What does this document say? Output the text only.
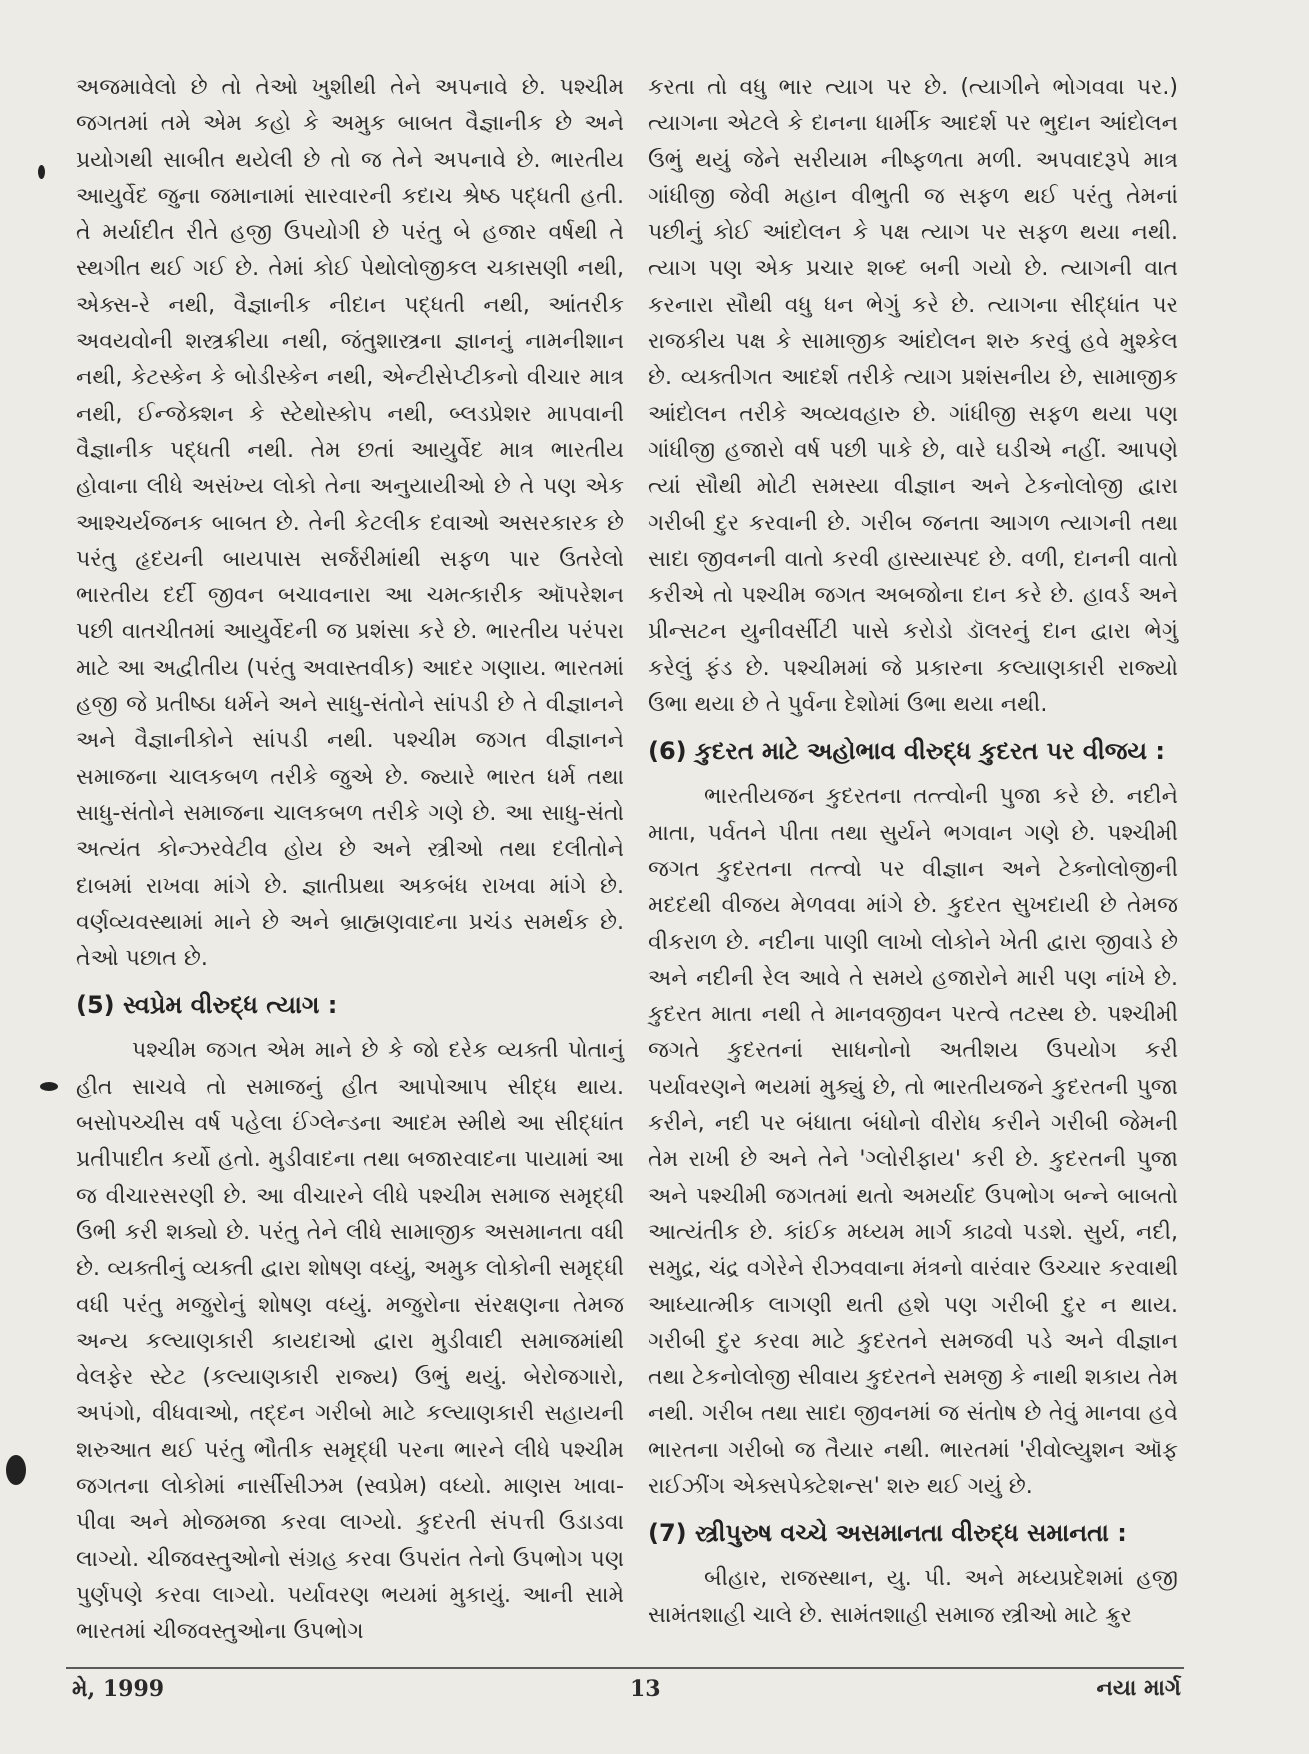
અજમાવેલો છે તો તેઓ ખુશીથી તેને અપનાવે છે. પશ્ચીમ જગતમાં તમે એમ કહો કે અમુક બાબત વૈજ્ઞાનીક છે અને પ્રયોગથી સાબીત થયેલી છે તો જ તેને અપનાવે છે. ભારતીય આયુર્વેદ જુના જમાનામાં સારવારની કદાચ શ્રેષ્ઠ પદ્ધતી હતી. તે મર્યાદીત રીતે હજી ઉપયોગી છે પરંતુ બે હજાર વર્ષથી તે સ્થગીત થઈ ગઈ છે. તેમાં કોઈ પેથોલોજીકલ ચકાસણી નથી, એક્સ-રે નથી, વૈજ્ઞાનીક નીદાન પદ્ધતી નથી, આંતરીક અવયવોની શસ્ત્રક્રીયા નથી, જંતુશાસ્ત્રના જ્ઞાનનું નામનીશાન નથી, કેટસ્કેન કે બોડીસ્કેન નથી, એન્ટીસેપ્ટીકનો વીચાર માત્ર નથી, ઈન્જેક્શન કે સ્ટેથોસ્કોપ નથી, બ્લડપ્રેશર માપવાની વૈજ્ઞાનીક પદ્ધતી નથી. તેમ છતાં આયુર્વેદ માત્ર ભારતીય હોવાના લીધે અસંખ્ય લોકો તેના અનુયાયીઓ છે તે પણ એક આશ્ચર્યજનક બાબત છે. તેની કેટલીક દવાઓ અસરકારક છે પરંતુ હૃદયની બાયપાસ સર્જરીમાંથી સફળ પાર ઉતરેલો ભારતીય દર્દી જીવન બચાવનારા આ ચમત્કારીક ઑપરેશન પછી વાતચીતમાં આયુર્વેદની જ પ્રશંસા કરે છે. ભારતીય પરંપરા માટે આ અદ્વીતીય (પરંતુ અવાસ્તવીક) આદર ગણાય. ભારતમાં હજી જે પ્રતીષ્ઠા ધર્મને અને સાધુ-સંતોને સાંપડી છે તે વીજ્ઞાનને અને વૈજ્ઞાનીકોને સાંપડી નથી. પશ્ચીમ જગત વીજ્ઞાનને સમાજના ચાલકબળ તરીકે જુએ છે. જ્યારે ભારત ધર્મ તથા સાધુ-સંતોને સમાજના ચાલકબળ તરીકે ગણે છે. આ સાધુ-સંતો અત્યંત કોન્ઝરવેટીવ હોય છે અને સ્ત્રીઓ તથા દલીતોને દાબમાં રાખવા માંગે છે. જ્ઞાતીપ્રથા અકબંધ રાખવા માંગે છે. વર્ણવ્યવસ્થામાં માને છે અને બ્રાહ્મણવાદના પ્રચંડ સમર્થક છે. તેઓ પછાત છે.

(5) સ્વપ્રેમ વીરુદ્ધ ત્યાગ :

પશ્ચીમ જગત એમ માને છે કે જો દરેક વ્યક્તી પોતાનું હીત સાચવે તો સમાજનું હીત આપોઆપ સીદ્ધ થાય. બસોપચ્ચીસ વર્ષ પહેલા ઈંગ્લેન્ડના આદમ સ્મીથે આ સીદ્ધાંત પ્રતીપાદીત કર્યો હતો. મુડીવાદના તથા બજારવાદના પાયામાં આ જ વીચારસરણી છે. આ વીચારને લીધે પશ્ચીમ સમાજ સમૃદ્ધી ઉભી કરી શક્યો છે. પરંતુ તેને લીધે સામાજીક અસમાનતા વધી છે. વ્યક્તીનું વ્યક્તી દ્વારા શોષણ વધ્યું, અમુક લોકોની સમૃદ્ધી વધી પરંતુ મજુરોનું શોષણ વધ્યું. મજુરોના સંરક્ષણના તેમજ અન્ય કલ્યાણકારી કાયદાઓ દ્વારા મુડીવાદી સમાજમાંથી વેલફેર સ્ટેટ (કલ્યાણકારી રાજ્ય) ઉભું થયું. બેરોજગારો, અપંગો, વીધવાઓ, તદ્દન ગરીબો માટે કલ્યાણકારી સહાયની શરુઆત થઈ પરંતુ ભૌતીક સમૃદ્ધી પરના ભારને લીધે પશ્ચીમ જગતના લોકોમાં નાર્સીસીઝમ (સ્વપ્રેમ) વધ્યો. માણસ ખાવા-પીવા અને મોજમજા કરવા લાગ્યો. કુદરતી સંપત્તી ઉડાડવા લાગ્યો. ચીજવસ્તુઓનો સંગ્રહ કરવા ઉપરાંત તેનો ઉપભોગ પણ પુર્ણપણે કરવા લાગ્યો. પર્યાવરણ ભયમાં મુકાયું. આની સામે ભારતમાં ચીજવસ્તુઓના ઉપભોગ

કરતા તો વધુ ભાર ત્યાગ પર છે. (ત્યાગીને ભોગવવા પર.) ત્યાગના એટલે કે દાનના ધાર્મીક આદર્શ પર ભુદાન આંદોલન ઉભું થયું જેને સરીયામ નીષ્ફળતા મળી. અપવાદરૂપે માત્ર ગાંધીજી જેવી મહાન વીભુતી જ સફળ થઈ પરંતુ તેમનાં પછીનું કોઈ આંદોલન કે પક્ષ ત્યાગ પર સફળ થયા નથી. ત્યાગ પણ એક પ્રચાર શબ્દ બની ગયો છે. ત્યાગની વાત કરનારા સૌથી વધુ ધન ભેગું કરે છે. ત્યાગના સીદ્ધાંત પર રાજકીય પક્ષ કે સામાજીક આંદોલન શરુ કરવું હવે મુશ્કેલ છે. વ્યક્તીગત આદર્શ તરીકે ત્યાગ પ્રશંસનીય છે, સામાજીક આંદોલન તરીકે અવ્યવહારુ છે. ગાંધીજી સફળ થયા પણ ગાંધીજી હજારો વર્ષ પછી પાકે છે, વારે ઘડીએ નહીં. આપણે ત્યાં સૌથી મોટી સમસ્યા વીજ્ઞાન અને ટેકનોલોજી દ્વારા ગરીબી દુર કરવાની છે. ગરીબ જનતા આગળ ત્યાગની તથા સાદા જીવનની વાતો કરવી હાસ્યાસ્પદ છે. વળી, દાનની વાતો કરીએ તો પશ્ચીમ જગત અબજોના દાન કરે છે. હાવર્ડ અને પ્રીન્સટન યુનીવર્સીટી પાસે કરોડો ડૉલરનું દાન દ્વારા ભેગું કરેલું ફંડ છે. પશ્ચીમમાં જે પ્રકારના કલ્યાણકારી રાજ્યો ઉભા થયા છે તે પુર્વના દેશોમાં ઉભા થયા નથી.

(6) કુદરત માટે અહોભાવ વીરુદ્ધ કુદરત પર વીજય :

ભારતીયજન કુદરતના તત્ત્વોની પુજા કરે છે. નદીને માતા, પર્વતને પીતા તથા સુર્યને ભગવાન ગણે છે. પશ્ચીમી જગત કુદરતના તત્ત્વો પર વીજ્ઞાન અને ટેક્નોલોજીની મદદથી વીજય મેળવવા માંગે છે. કુદરત સુખદાયી છે તેમજ વીકરાળ છે. નદીના પાણી લાખો લોકોને ખેતી દ્વારા જીવાડે છે અને નદીની રેલ આવે તે સમયે હજારોને મારી પણ નાંખે છે. કુદરત માતા નથી તે માનવજીવન પરત્વે તટસ્થ છે. પશ્ચીમી જગતે કુદરતનાં સાધનોનો અતીશય ઉપયોગ કરી પર્યાવરણને ભયમાં મુક્યું છે, તો ભારતીયજને કુદરતની પુજા કરીને, નદી પર બંધાતા બંધોનો વીરોધ કરીને ગરીબી જેમની તેમ રાખી છે અને તેને 'ગ્લોરીફાય' કરી છે. કુદરતની પુજા અને પશ્ચીમી જગતમાં થતો અમર્યાદ ઉપભોગ બન્ને બાબતો આત્યંતીક છે. કાંઈક મધ્યમ માર્ગ કાઢવો પડશે. સુર્ય, નદી, સમુદ્ર, ચંદ્ર વગેરેને રીઝવવાના મંત્રનો વારંવાર ઉચ્ચાર કરવાથી આધ્યાત્મીક લાગણી થતી હશે પણ ગરીબી દુર ન થાય. ગરીબી દુર કરવા માટે કુદરતને સમજવી પડે અને વીજ્ઞાન તથા ટેકનોલોજી સીવાય કુદરતને સમજી કે નાથી શકાય તેમ નથી. ગરીબ તથા સાદા જીવનમાં જ સંતોષ છે તેવું માનવા હવે ભારતના ગરીબો જ તૈયાર નથી. ભારતમાં 'રીવોલ્યુશન ઑફ રાઈઝીંગ એક્સપેક્ટેશન્સ' શરુ થઈ ગયું છે.

(7) સ્ત્રીપુરુષ વચ્ચે અસમાનતા વીરુદ્ધ સમાનતા :

બીહાર, રાજસ્થાન, યુ. પી. અને મધ્યપ્રદેશમાં હજી સામંતશાહી ચાલે છે. સામંતશાહી સમાજ સ્ત્રીઓ માટે ક્રુર

મે, 1999	13	નયા માર્ગ
